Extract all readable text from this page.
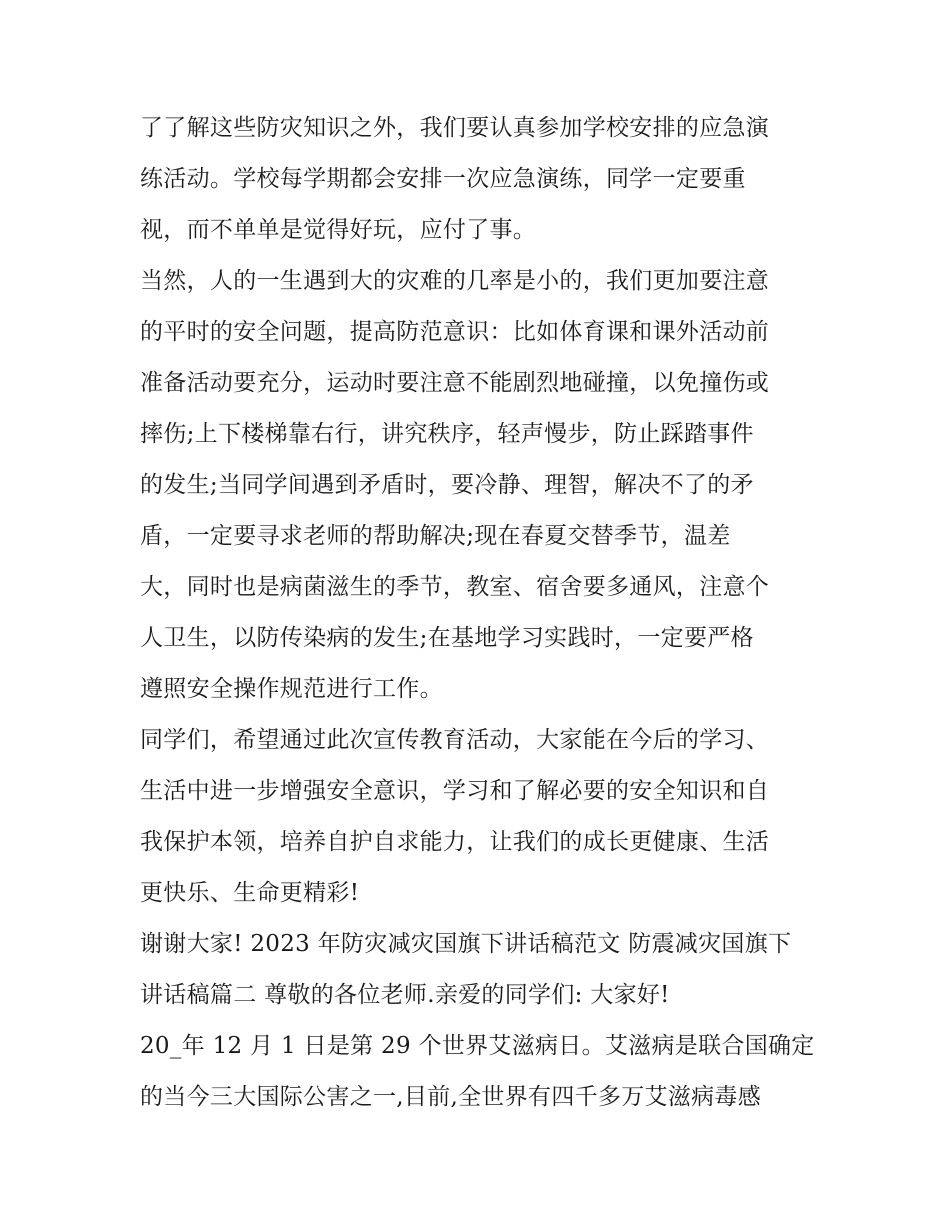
了了解这些防灾知识之外，我们要认真参加学校安排的应急演
练活动。学校每学期都会安排一次应急演练，同学一定要重
视，而不单单是觉得好玩，应付了事。
当然，人的一生遇到大的灾难的几率是小的，我们更加要注意
的平时的安全问题，提高防范意识：比如体育课和课外活动前
准备活动要充分，运动时要注意不能剧烈地碰撞，以免撞伤或
摔伤;上下楼梯靠右行，讲究秩序，轻声慢步，防止踩踏事件
的发生;当同学间遇到矛盾时，要冷静、理智，解决不了的矛
盾，一定要寻求老师的帮助解决;现在春夏交替季节，温差
大，同时也是病菌滋生的季节，教室、宿舍要多通风，注意个
人卫生，以防传染病的发生;在基地学习实践时，一定要严格
遵照安全操作规范进行工作。
同学们，希望通过此次宣传教育活动，大家能在今后的学习、
生活中进一步增强安全意识，学习和了解必要的安全知识和自
我保护本领，培养自护自求能力，让我们的成长更健康、生活
更快乐、生命更精彩!
谢谢大家! 2023 年防灾减灾国旗下讲话稿范文 防震减灾国旗下
讲话稿篇二 尊敬的各位老师.亲爱的同学们: 大家好!
20_年 12 月 1 日是第 29 个世界艾滋病日。艾滋病是联合国确定
的当今三大国际公害之一,目前,全世界有四千多万艾滋病毒感
